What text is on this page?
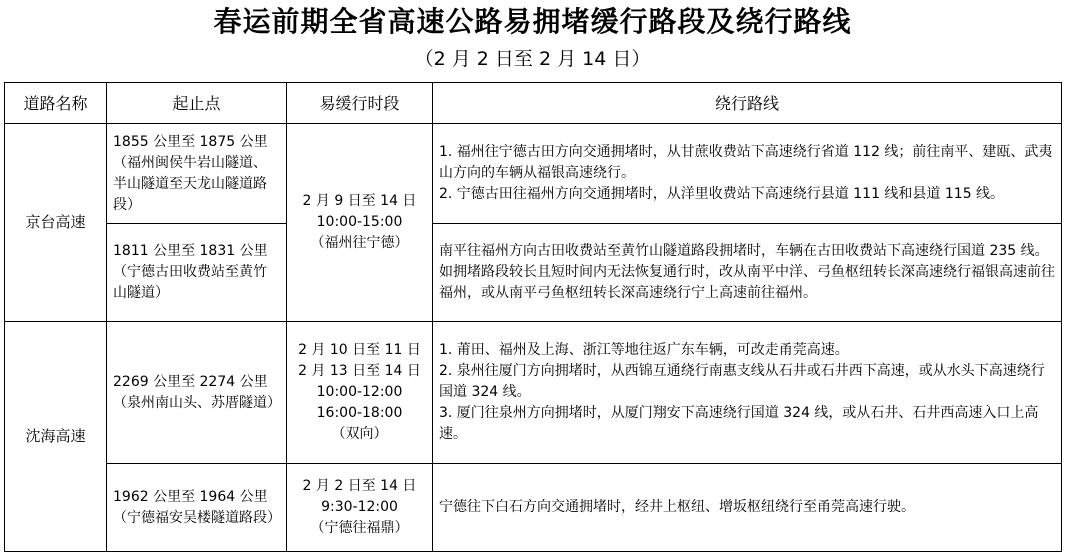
春运前期全省高速公路易拥堵缓行路段及绕行路线
（2 月 2 日至 2 月 14 日）
道路名称	起止点	易缓行时段	绕行路线
京台高速	1855 公里至 1875 公里（福州闽侯牛岩山隧道、半山隧道至天龙山隧道路段）	2 月 9 日至 14 日
10:00-15:00
（福州往宁德）	1. 福州往宁德古田方向交通拥堵时，从甘蔗收费站下高速绕行省道 112 线；前往南平、建瓯、武夷山方向的车辆从福银高速绕行。
2. 宁德古田往福州方向交通拥堵时，从洋里收费站下高速绕行县道 111 线和县道 115 线。

	1811 公里至 1831 公里（宁德古田收费站至黄竹山隧道）		南平往福州方向古田收费站至黄竹山隧道路段拥堵时，车辆在古田收费站下高速绕行国道 235 线。如拥堵路段较长且短时间内无法恢复通行时，改从南平中洋、弓鱼枢纽转长深高速绕行福银高速前往福州，或从南平弓鱼枢纽转长深高速绕行宁上高速前往福州。

沈海高速	2269 公里至 2274 公里（泉州南山头、苏厝隧道）	2 月 10 日至 11 日
2 月 13 日至 14 日
10:00-12:00
16:00-18:00
（双向）	1. 莆田、福州及上海、浙江等地往返广东车辆，可改走甬莞高速。
2. 泉州往厦门方向拥堵时，从西锦互通绕行南惠支线从石井或石井西下高速，或从水头下高速绕行国道 324 线。
3. 厦门往泉州方向拥堵时，从厦门翔安下高速绕行国道 324 线，或从石井、石井西高速入口上高速。

	1962 公里至 1964 公里（宁德福安吴楼隧道路段）	2 月 2 日至 14 日
9:30-12:00
（宁德往福鼎）	宁德往下白石方向交通拥堵时，经井上枢纽、增坂枢纽绕行至甬莞高速行驶。
